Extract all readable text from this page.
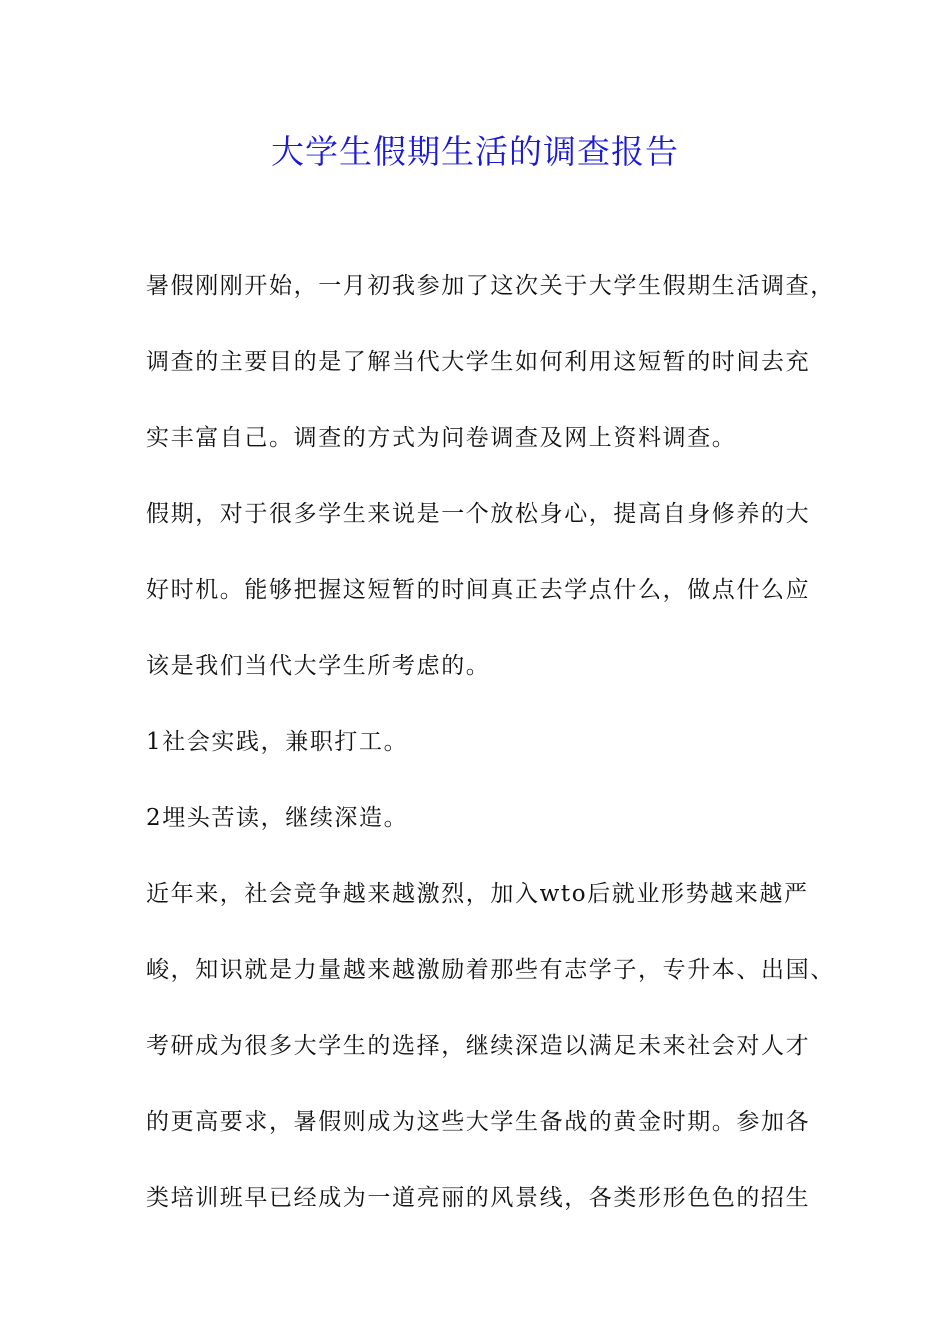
大学生假期生活的调查报告

暑假刚刚开始，一月初我参加了这次关于大学生假期生活调查，

调查的主要目的是了解当代大学生如何利用这短暂的时间去充

实丰富自己。调查的方式为问卷调查及网上资料调查。

假期，对于很多学生来说是一个放松身心，提高自身修养的大

好时机。能够把握这短暂的时间真正去学点什么，做点什么应

该是我们当代大学生所考虑的。

1社会实践，兼职打工。

2埋头苦读，继续深造。

近年来，社会竞争越来越激烈，加入wto后就业形势越来越严

峻，知识就是力量越来越激励着那些有志学子，专升本、出国、

考研成为很多大学生的选择，继续深造以满足未来社会对人才

的更高要求，暑假则成为这些大学生备战的黄金时期。参加各

类培训班早已经成为一道亮丽的风景线，各类形形色色的招生
